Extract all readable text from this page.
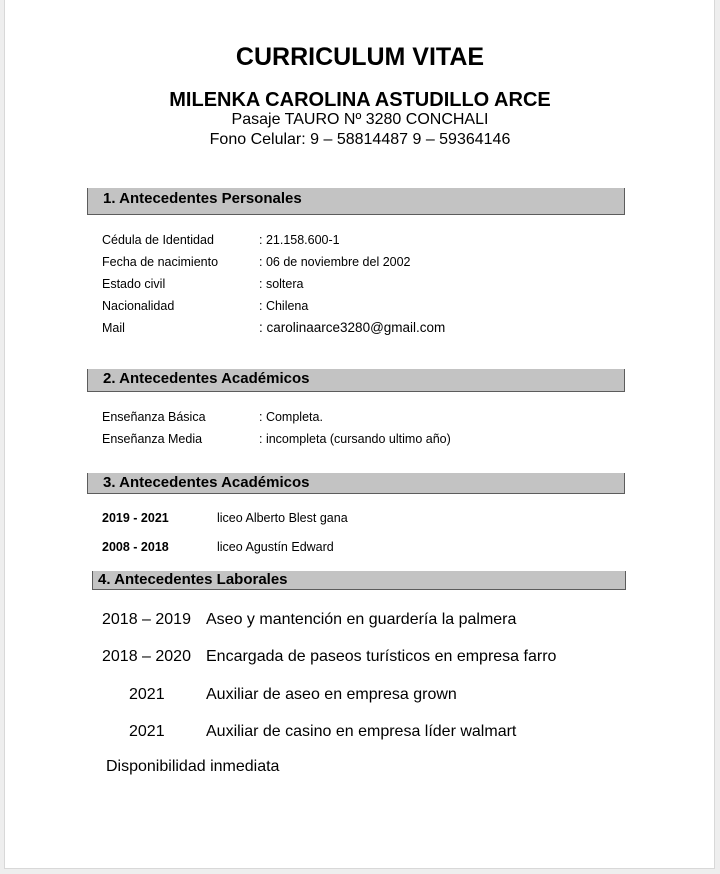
CURRICULUM VITAE
MILENKA CAROLINA ASTUDILLO ARCE
Pasaje TAURO Nº 3280 CONCHALI
Fono Celular: 9 – 58814487 9 – 59364146
1. Antecedentes Personales
Cédula de Identidad	: 21.158.600-1
Fecha de nacimiento	: 06 de noviembre del 2002
Estado civil	: soltera
Nacionalidad	: Chilena
Mail	: carolinaarce3280@gmail.com
2. Antecedentes Académicos
Enseñanza Básica	: Completa.
Enseñanza Media	: incompleta (cursando ultimo año)
3. Antecedentes Académicos
2019 - 2021	liceo Alberto Blest gana
2008 - 2018	liceo Agustín Edward
4. Antecedentes Laborales
2018 – 2019 Aseo y mantención en guardería la palmera
2018 – 2020 Encargada de paseos turísticos en empresa farro
2021	Auxiliar de aseo en empresa grown
2021	Auxiliar de casino en empresa líder walmart
Disponibilidad inmediata
